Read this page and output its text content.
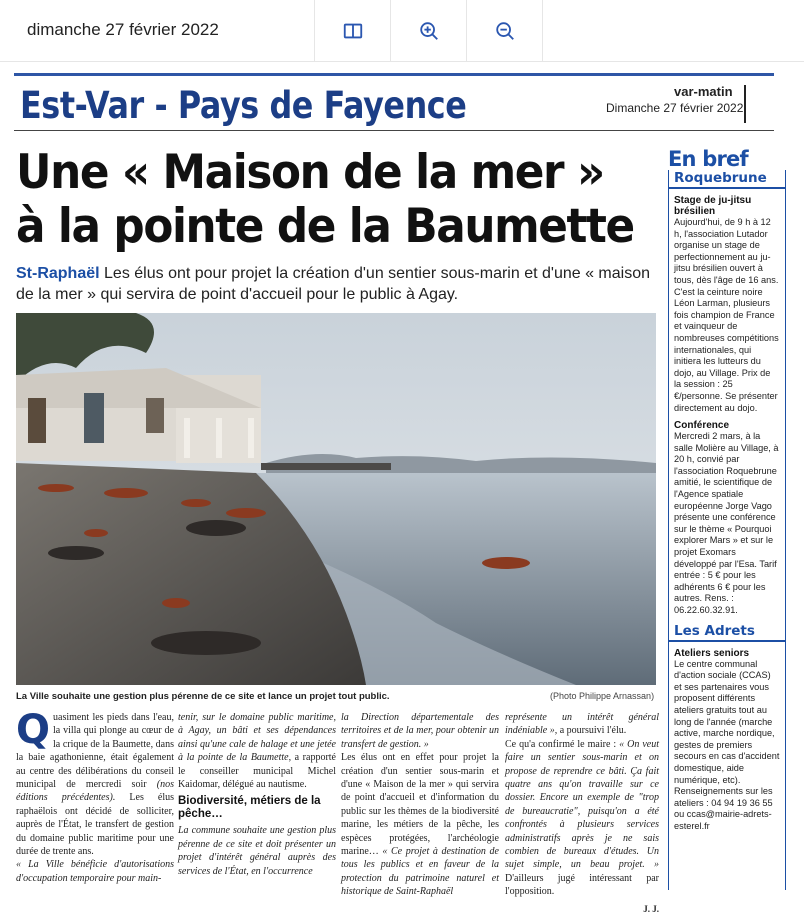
dimanche 27 février 2022
Est-Var - Pays de Fayence	var-matin
Dimanche 27 février 2022
Une « Maison de la mer »
à la pointe de la Baumette
St-Raphaël Les élus ont pour projet la création d'un sentier sous-marin et d'une « maison de la mer » qui servira de point d'accueil pour le public à Agay.
La Ville souhaite une gestion plus pérenne de ce site et lance un projet tout public.	(Photo Philippe Arnassan)

Quasiment les pieds dans l'eau, la villa qui plonge au cœur de la crique de la Baumette, dans la baie agathonienne, était également au centre des délibérations du conseil municipal de mercredi soir (nos éditions précédentes). Les élus raphaëlois ont décidé de solliciter, auprès de l'État, le transfert de gestion du domaine public maritime pour une durée de trente ans.

« La Ville bénéficie d'autorisations d'occupation temporaire pour main-

tenir, sur le domaine public maritime, à Agay, un bâti et ses dépendances ainsi qu'une cale de halage et une jetée à la pointe de la Baumette, a rapporté le conseiller municipal Michel Kaidomar, délégué au nautisme.

Biodiversité, métiers de la pêche…

La commune souhaite une gestion plus pérenne de ce site et doit présenter un projet d'intérêt général auprès des services de l'État, en l'occurrence

la Direction départementale des territoires et de la mer, pour obtenir un transfert de gestion. »

Les élus ont en effet pour projet la création d'un sentier sous-marin et d'une « Maison de la mer » qui servira de point d'accueil et d'information du public sur les thèmes de la biodiversité marine, les métiers de la pêche, les espèces protégées, l'archéologie marine… « Ce projet à destination de tous les publics et en faveur de la protection du patrimoine naturel et historique de Saint-Raphaël

représente un intérêt général indéniable », a poursuivi l'élu.

Ce qu'a confirmé le maire : « On veut faire un sentier sous-marin et on propose de reprendre ce bâti. Ça fait quatre ans qu'on travaille sur ce dossier. Encore un exemple de "trop de bureaucratie", puisqu'on a été confrontés à plusieurs services administratifs après je ne sais combien de bureaux d'études. Un sujet simple, un beau projet. » D'ailleurs jugé intéressant par l'opposition.

J. J.
En bref
Roquebrune
Stage de ju-jitsu brésilien
Aujourd'hui, de 9 h à 12 h, l'association Lutador organise un stage de perfectionnement au ju-jitsu brésilien ouvert à tous, dès l'âge de 16 ans. C'est la ceinture noire Léon Larman, plusieurs fois champion de France et vainqueur de nombreuses compétitions internationales, qui initiera les lutteurs du dojo, au Village. Prix de la session : 25 €/personne. Se présenter directement au dojo.
Conférence
Mercredi 2 mars, à la salle Molière au Village, à 20 h, convié par l'association Roquebrune amitié, le scientifique de l'Agence spatiale européenne Jorge Vago présente une conférence sur le thème « Pourquoi explorer Mars » et sur le projet Exomars développé par l'Esa. Tarif entrée : 5 € pour les adhérents 6 € pour les autres. Rens. : 06.22.60.32.91.
Les Adrets
Ateliers seniors
Le centre communal d'action sociale (CCAS) et ses partenaires vous proposent différents ateliers gratuits tout au long de l'année (marche active, marche nordique, gestes de premiers secours en cas d'accident domestique, aide numérique, etc). Renseignements sur les ateliers : 04 94 19 36 55 ou ccas@mairie-adrets-esterel.fr
